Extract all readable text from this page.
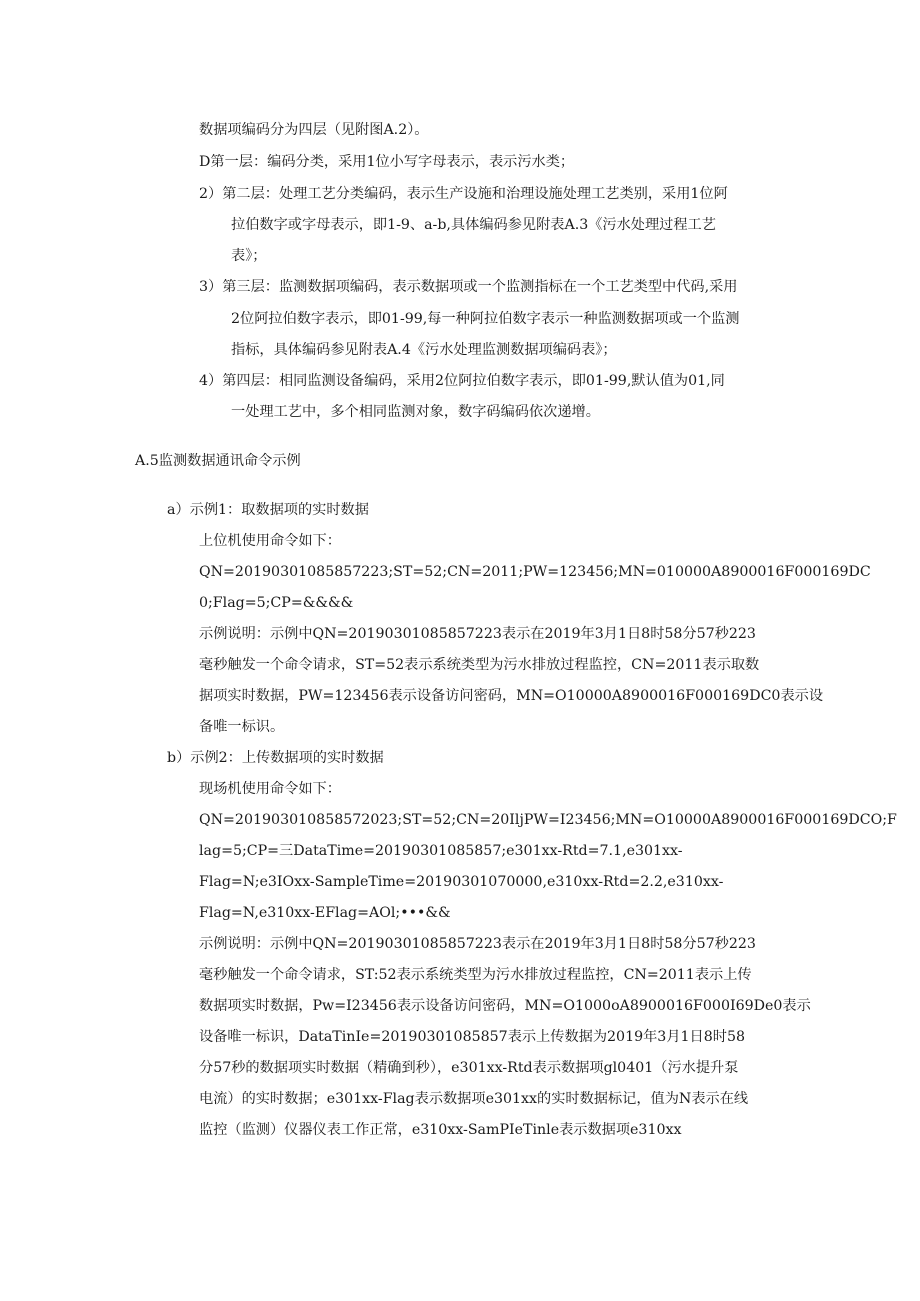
数据项编码分为四层（见附图A.2）。

D第一层：编码分类，采用1位小写字母表示，表示污水类；

2）第二层：处理工艺分类编码，表示生产设施和治理设施处理工艺类别，采用1位阿

拉伯数字或字母表示，即1-9、a-b,具体编码参见附表A.3《污水处理过程工艺

表》；

3）第三层：监测数据项编码，表示数据项或一个监测指标在一个工艺类型中代码,采用

2位阿拉伯数字表示，即01-99,每一种阿拉伯数字表示一种监测数据项或一个监测

指标，具体编码参见附表A.4《污水处理监测数据项编码表》；

4）第四层：相同监测设备编码，采用2位阿拉伯数字表示，即01-99,默认值为01,同

一处理工艺中，多个相同监测对象，数字码编码依次递增。

A.5监测数据通讯命令示例

a）示例1：取数据项的实时数据

上位机使用命令如下：

QN=20190301085857223;ST=52;CN=2011;PW=123456;MN=010000A8900016F000169DC

0;Flag=5;CP=&&&&

示例说明：示例中QN=20190301085857223表示在2019年3月1日8时58分57秒223

毫秒触发一个命令请求，ST=52表示系统类型为污水排放过程监控，CN=2011表示取数

据项实时数据，PW=123456表示设备访问密码，MN=O10000A8900016F000169DC0表示设

备唯一标识。

b）示例2：上传数据项的实时数据

现场机使用命令如下：

QN=201903010858572023;ST=52;CN=20IljPW=I23456;MN=O10000A8900016F000169DCO;F

lag=5;CP=三DataTime=20190301085857;e301xx-Rtd=7.1,e301xx-

Flag=N;e3IOxx-SampleTime=20190301070000,e310xx-Rtd=2.2,e310xx-

Flag=N,e310xx-EFlag=AOl;•••&&

示例说明：示例中QN=20190301085857223表示在2019年3月1日8时58分57秒223

毫秒触发一个命令请求，ST:52表示系统类型为污水排放过程监控，CN=2011表示上传

数据项实时数据，Pw=I23456表示设备访问密码，MN=O1000oA8900016F000I69De0表示

设备唯一标识，DataTinIe=20190301085857表示上传数据为2019年3月1日8时58

分57秒的数据项实时数据（精确到秒），e301xx-Rtd表示数据项gl0401（污水提升泵

电流）的实时数据；e301xx-Flag表示数据项e301xx的实时数据标记，值为N表示在线

监控（监测）仪器仪表工作正常，e310xx-SamPIeTinle表示数据项e310xx
